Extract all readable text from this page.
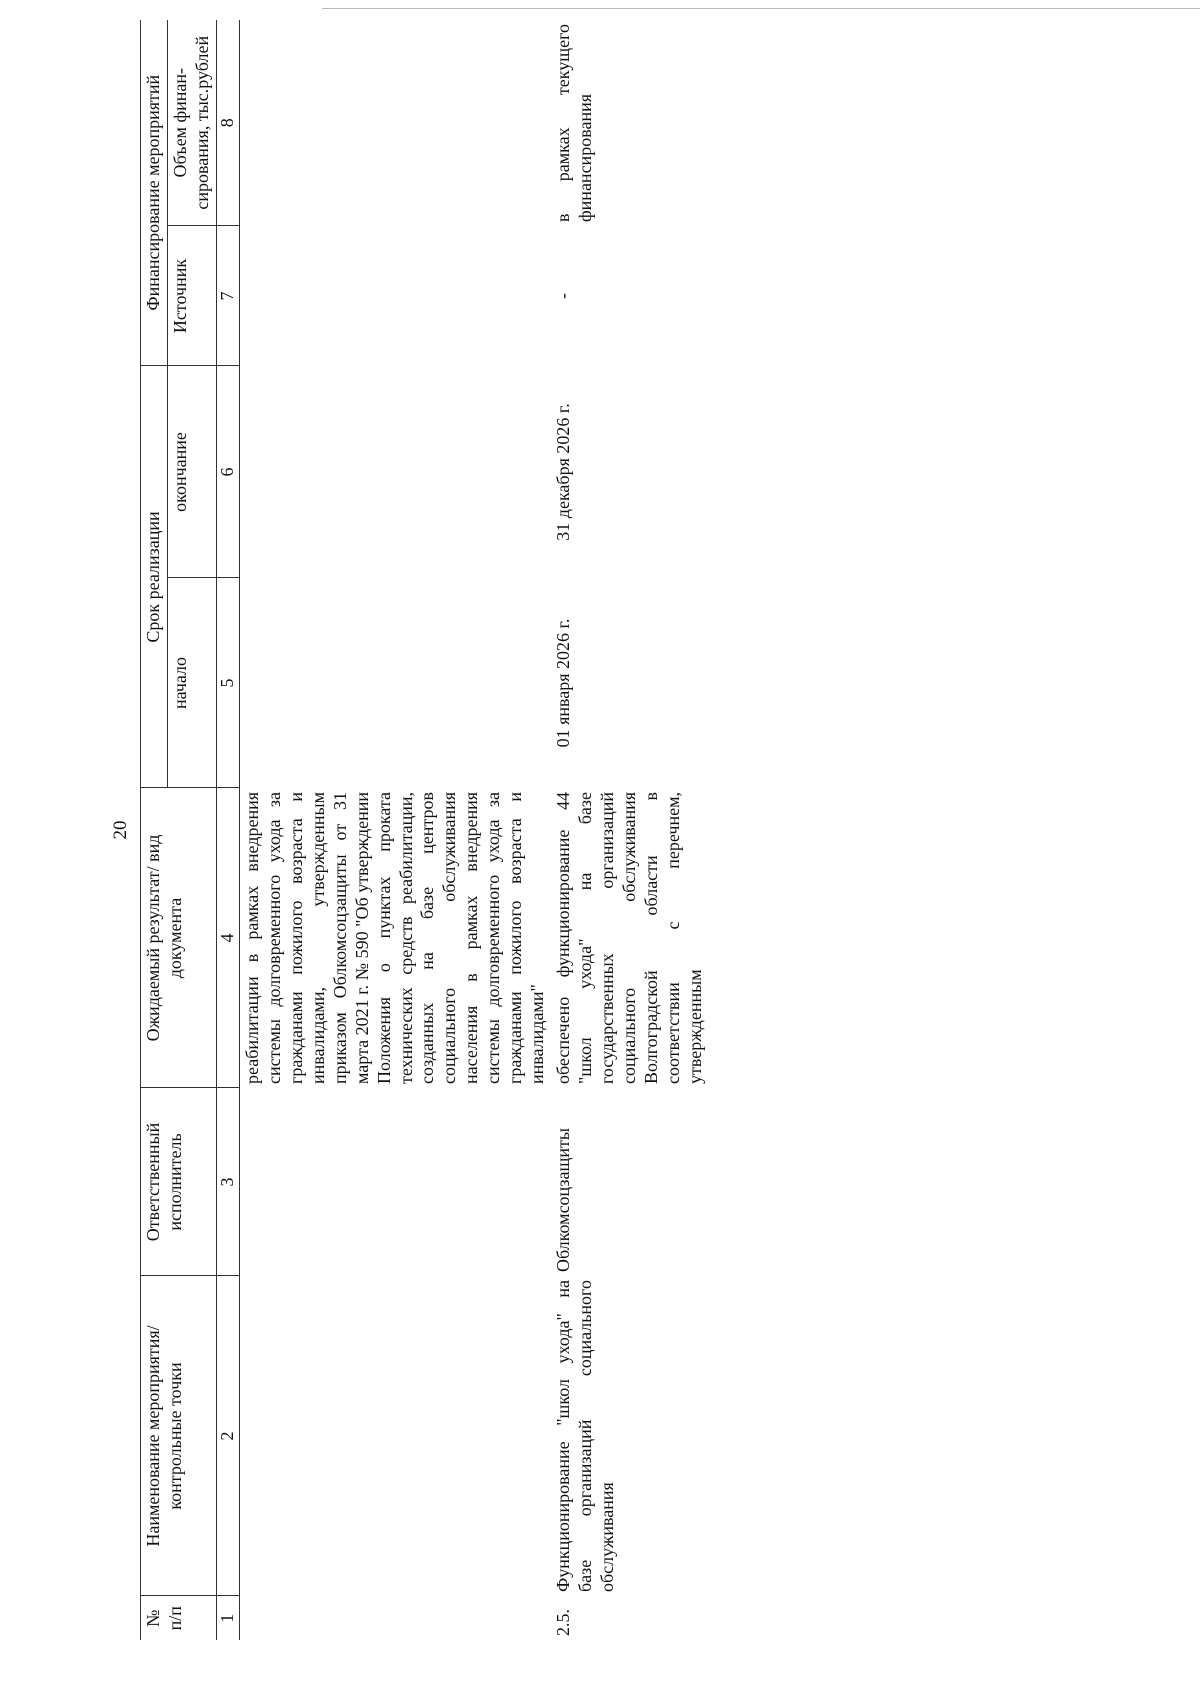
20
№ п/п	Наименование мероприятия/ контрольные точки	Ответственный исполнитель	Ожидаемый результат/ вид документа	Срок реализации		Финансирование мероприятий	
				начало	окончание	Источник	Объем финан- сирования, тыс.рублей
1	2	3	4	5	6	7	8
			реабилитации в рамках внедрения системы долговременного ухода за гражданами пожилого возраста и инвалидами, утвержденным приказом Облкомсоцзащиты от 31 марта 2021 г. № 590 "Об утверждении Положения о пунктах проката технических средств реабилитации, созданных на базе центров социального обслуживания населения в рамках внедрения системы долговременного ухода за гражданами пожилого возраста и инвалидами"				
2.5.	Функционирование "школ ухода" на базе организаций социального обслуживания	Облкомсоцзащиты	обеспечено функционирование 44 "школ ухода" на базе государственных организаций социального обслуживания Волгоградской области в соответствии с перечнем, утвержденным	01 января 2026 г.	31 декабря 2026 г.	-	в рамках текущего финансирования
